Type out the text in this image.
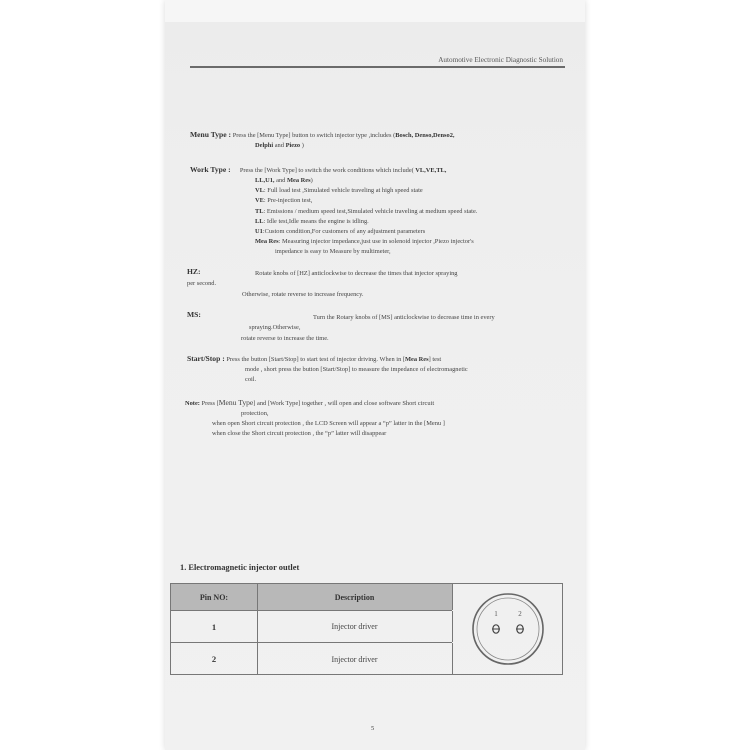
Automotive Electronic Diagnostic Solution
Menu Type : Press the [Menu Type] button to switch injector type ,includes (Bosch, Denso,Denso2,
Delphi and Piezo )
Work Type : Press the [Work Type] to switch the work conditions which include( VL,VE,TL,
LL,U1, and Mea Res)
VL: Full load test ,Simulated vehicle traveling at high speed state
VE: Pre-injection test,
TL: Emissions / medium speed test,Simulated vehicle traveling at medium speed state.
LL: Idle test,Idle means the engine is idling.
U1:Custom condition,For customers of any adjustment parameters
Mea Res: Measuring injector impedance,just use in solenoid injector ,Piezo injector's
impedance is easy to Measure by multimeter,
HZ:	Rotate knobs of [HZ] anticlockwise to decrease the times that injector spraying
per second.
Otherwise, rotate reverse to increase frequency.
MS:	Turn the Rotary knobs of [MS] anticlockwise to decrease time in every
spraying.Otherwise,
rotate reverse to increase the time.
Start/Stop : Press the button [Start/Stop] to start test of injector driving. When in [Mea Res] test
mode , short press the button [Start/Stop] to measure the impedance of electromagnetic
coil.
Note: Press [Menu Type] and [Work Type] together , will open and close software Short circuit
protection,
when open Short circuit protection , the LCD Screen will appear a “p” latter in the [Menu ]
when close the Short circuit protection , the “p” latter will disappear
1. Electromagnetic injector outlet
Pin NO:	Description
1	Injector driver
2	Injector driver
1	2
5
